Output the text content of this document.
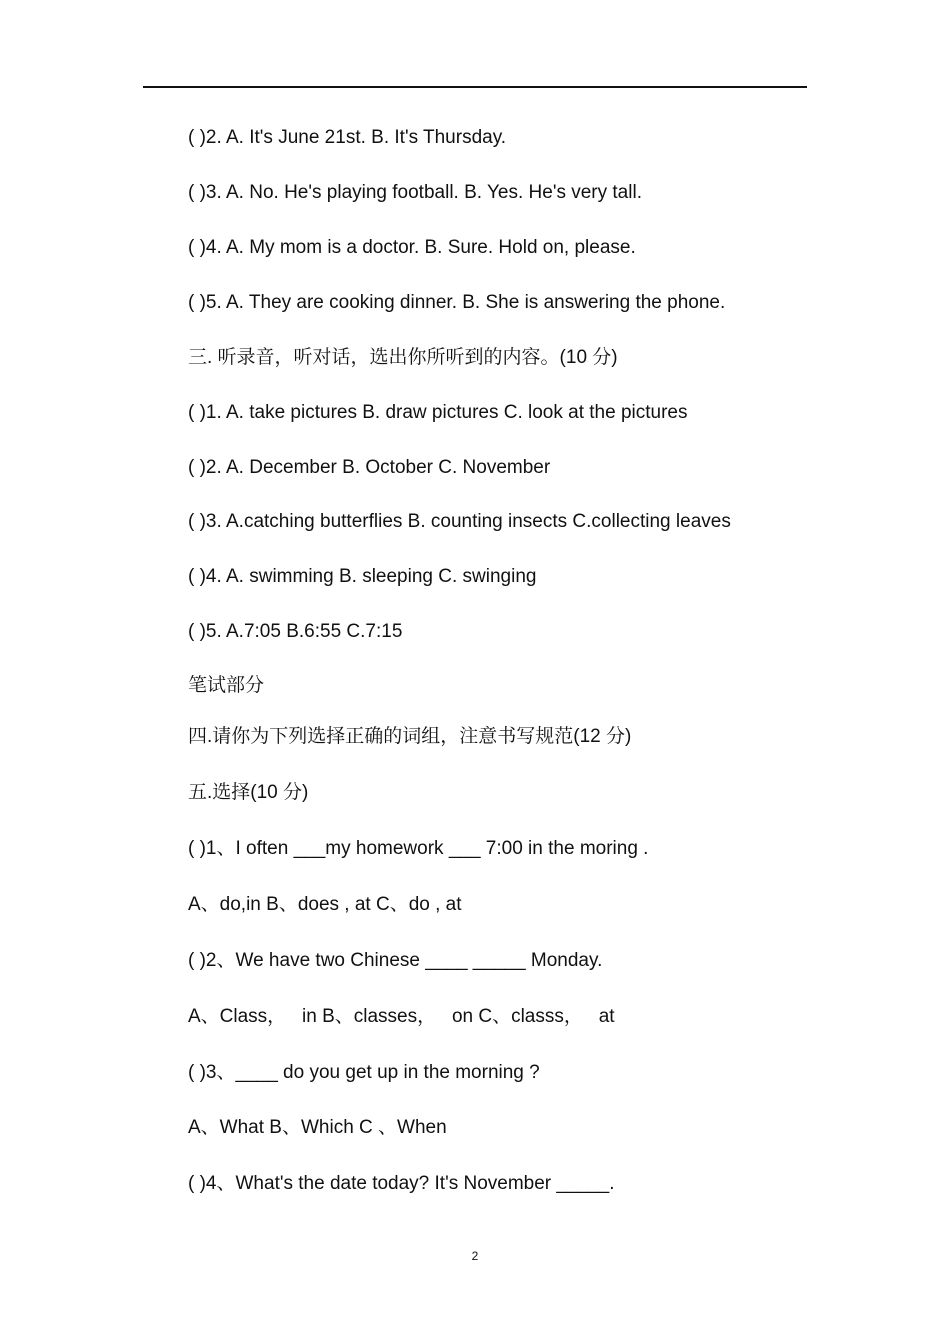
( )2. A. It's June 21st. B. It's Thursday.
( )3. A. No. He's playing football. B. Yes. He's very tall.
( )4. A. My mom is a doctor. B. Sure. Hold on, please.
( )5. A. They are cooking dinner. B. She is answering the phone.
三. 听录音，听对话，选出你所听到的内容。(10 分)
( )1. A. take pictures B. draw pictures C. look at the pictures
( )2. A. December B. October C. November
( )3. A.catching butterflies B. counting insects C.collecting leaves
( )4. A. swimming B. sleeping C. swinging
( )5. A.7:05 B.6:55 C.7:15
笔试部分
四.请你为下列选择正确的词组，注意书写规范(12 分)
五.选择(10 分)
( )1、I often ___my homework ___ 7:00 in the moring .
A、do,in B、does , at C、do , at
( )2、We have two Chinese ____ _____ Monday.
A、Class，   in B、classes，   on C、classs，   at
( )3、____ do you get up in the morning ?
A、What B、Which C 、When
( )4、What's the date today? It's November _____.
2
